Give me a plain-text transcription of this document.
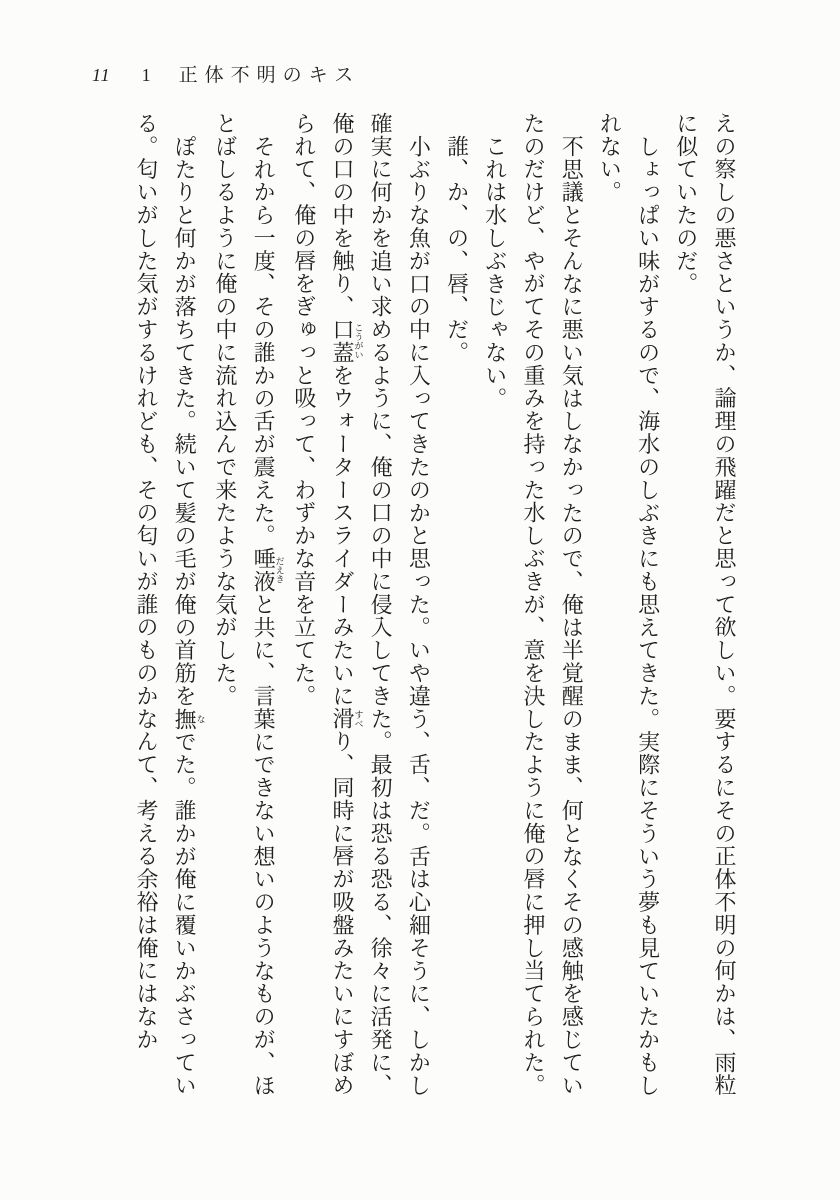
11 1 正体不明のキス

えの察しの悪さというか、論理の飛躍だと思って欲しい。要するにその正体不明の何かは、雨粒に似ていたのだ。

しょっぱい味がするので、海水のしぶきにも思えてきた。実際にそういう夢も見ていたかもしれない。

不思議とそんなに悪い気はしなかったので、俺は半覚醒のまま、何となくその感触を感じていたのだけど、やがてその重みを持った水しぶきが、意を決したように俺の唇に押し当てられた。

これは水しぶきじゃない。

誰、か、の、唇、だ。

小ぶりな魚が口の中に入ってきたのかと思った。いや違う、舌、だ。舌は心細そうに、しかし確実に何かを追い求めるように、俺の口の中に侵入してきた。最初は恐る恐る、徐々に活発に、俺の口の中を触り、口蓋こうがいをウォータースライダーみたいに滑すべり、同時に唇が吸盤みたいにすぼめられて、俺の唇をぎゅっと吸って、わずかな音を立てた。

それから一度、その誰かの舌が震えた。唾液だえきと共に、言葉にできない想いのようなものが、ほとばしるように俺の中に流れ込んで来たような気がした。

ぽたりと何かが落ちてきた。続いて髪の毛が俺の首筋を撫なでた。誰かが俺に覆いかぶさっている。匂いがした気がするけれども、その匂いが誰のものかなんて、考える余裕は俺にはなか
